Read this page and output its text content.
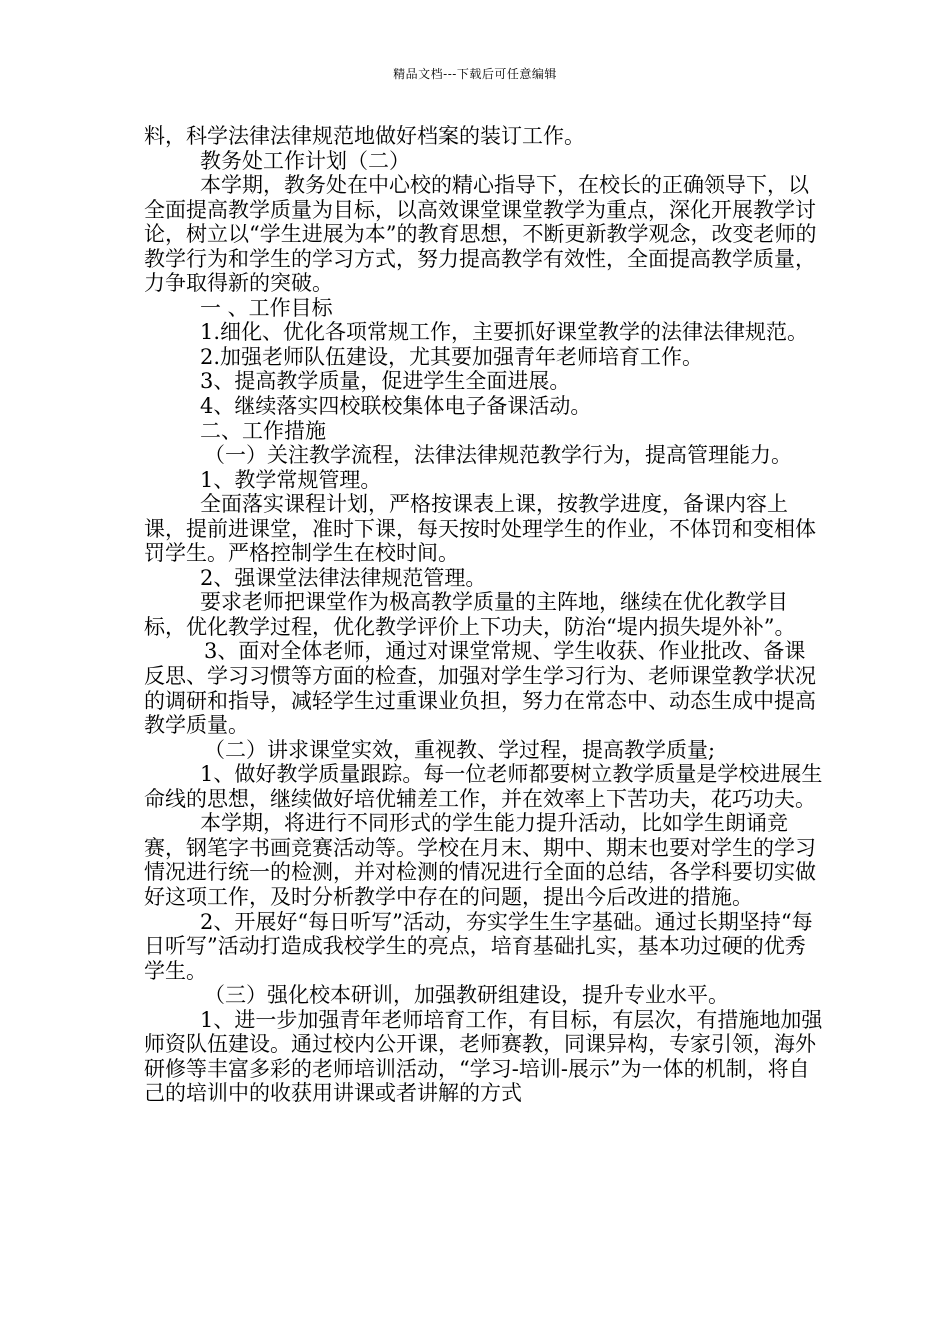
精品文档---下载后可任意编辑

料，科学法律法律规范地做好档案的装订工作。

教务处工作计划（二）

本学期，教务处在中心校的精心指导下，在校长的正确领导下，以全面提高教学质量为目标，以高效课堂课堂教学为重点，深化开展教学讨论，树立以“学生进展为本”的教育思想，不断更新教学观念，改变老师的教学行为和学生的学习方式，努力提高教学有效性，全面提高教学质量，力争取得新的突破。

一 、工作目标

1.细化、优化各项常规工作，主要抓好课堂教学的法律法律规范。

2.加强老师队伍建设，尤其要加强青年老师培育工作。

3、提高教学质量，促进学生全面进展。

4、继续落实四校联校集体电子备课活动。

二、工作措施

（一）关注教学流程，法律法律规范教学行为，提高管理能力。

1、教学常规管理。

全面落实课程计划，严格按课表上课，按教学进度，备课内容上课，提前进课堂，准时下课，每天按时处理学生的作业，不体罚和变相体罚学生。严格控制学生在校时间。

2、强课堂法律法律规范管理。

要求老师把课堂作为极高教学质量的主阵地，继续在优化教学目标，优化教学过程，优化教学评价上下功夫，防治“堤内损失堤外补”。

3、面对全体老师，通过对课堂常规、学生收获、作业批改、备课反思、学习习惯等方面的检查，加强对学生学习行为、老师课堂教学状况的调研和指导，减轻学生过重课业负担，努力在常态中、动态生成中提高教学质量。

（二）讲求课堂实效，重视教、学过程，提高教学质量;

1、做好教学质量跟踪。每一位老师都要树立教学质量是学校进展生命线的思想，继续做好培优辅差工作，并在效率上下苦功夫，花巧功夫。

本学期，将进行不同形式的学生能力提升活动，比如学生朗诵竞赛，钢笔字书画竞赛活动等。学校在月末、期中、期末也要对学生的学习情况进行统一的检测，并对检测的情况进行全面的总结，各学科要切实做好这项工作，及时分析教学中存在的问题，提出今后改进的措施。

2、开展好“每日听写”活动，夯实学生生字基础。通过长期坚持“每日听写”活动打造成我校学生的亮点，培育基础扎实，基本功过硬的优秀学生。

（三）强化校本研训，加强教研组建设，提升专业水平。

1、进一步加强青年老师培育工作，有目标，有层次，有措施地加强师资队伍建设。通过校内公开课，老师赛教，同课异构，专家引领，海外研修等丰富多彩的老师培训活动，“学习-培训-展示”为一体的机制，将自己的培训中的收获用讲课或者讲解的方式
